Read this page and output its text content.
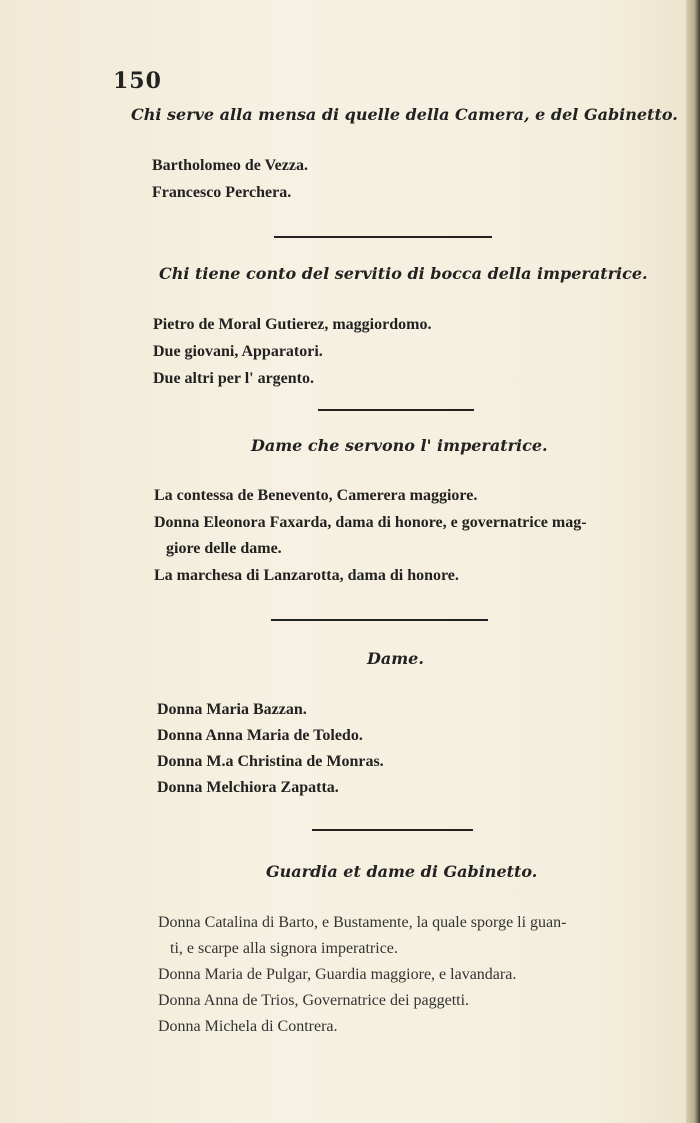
150
Chi serve alla mensa di quelle della Camera, e del Gabinetto.
Bartholomeo de Vezza.
Francesco Perchera.
Chi tiene conto del servitio di bocca della imperatrice.
Pietro de Moral Gutierez, maggiordomo.
Due giovani, Apparatori.
Due altri per l' argento.
Dame che servono l' imperatrice.
La contessa de Benevento, Camerera maggiore.
Donna Eleonora Faxarda, dama di honore, e governatrice mag-
giore delle dame.
La marchesa di Lanzarotta, dama di honore.
Dame.
Donna Maria Bazzan.
Donna Anna Maria de Toledo.
Donna M.a Christina de Monras.
Donna Melchiora Zapatta.
Guardia et dame di Gabinetto.
Donna Catalina di Barto, e Bustamente, la quale sporge li guan-
ti, e scarpe alla signora imperatrice.
Donna Maria de Pulgar, Guardia maggiore, e lavandara.
Donna Anna de Trios, Governatrice dei paggetti.
Donna Michela di Contrera.
